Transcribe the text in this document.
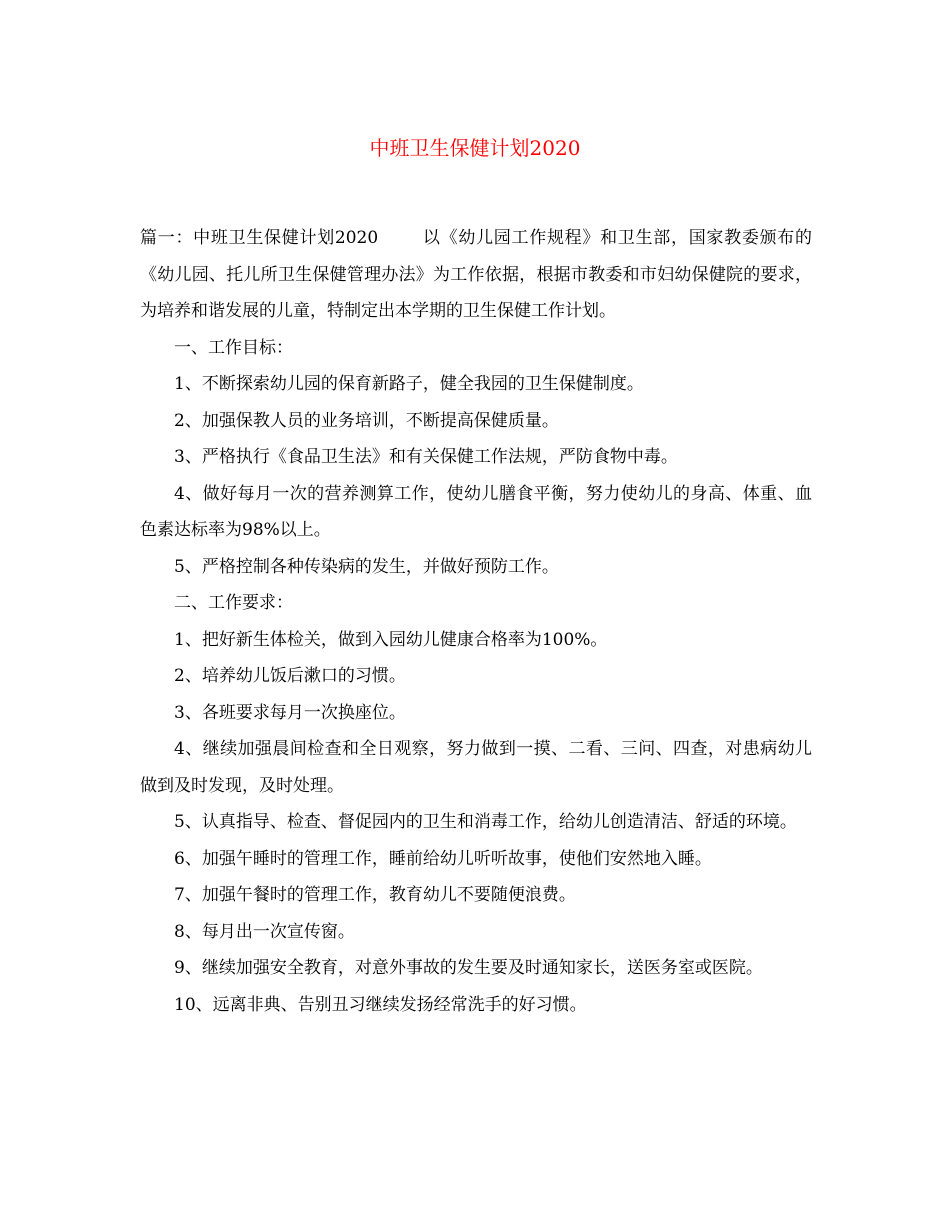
中班卫生保健计划2020

篇一：中班卫生保健计划2020	以《幼儿园工作规程》和卫生部，国家教委颁布的《幼儿园、托儿所卫生保健管理办法》为工作依据，根据市教委和市妇幼保健院的要求，为培养和谐发展的儿童，特制定出本学期的卫生保健工作计划。

一、工作目标：

1、不断探索幼儿园的保育新路子，健全我园的卫生保健制度。

2、加强保教人员的业务培训，不断提高保健质量。

3、严格执行《食品卫生法》和有关保健工作法规，严防食物中毒。

4、做好每月一次的营养测算工作，使幼儿膳食平衡，努力使幼儿的身高、体重、血色素达标率为98%以上。

5、严格控制各种传染病的发生，并做好预防工作。

二、工作要求：

1、把好新生体检关，做到入园幼儿健康合格率为100%。

2、培养幼儿饭后漱口的习惯。

3、各班要求每月一次换座位。

4、继续加强晨间检查和全日观察，努力做到一摸、二看、三问、四查，对患病幼儿做到及时发现，及时处理。

5、认真指导、检查、督促园内的卫生和消毒工作，给幼儿创造清洁、舒适的环境。

6、加强午睡时的管理工作，睡前给幼儿听听故事，使他们安然地入睡。

7、加强午餐时的管理工作，教育幼儿不要随便浪费。

8、每月出一次宣传窗。

9、继续加强安全教育，对意外事故的发生要及时通知家长，送医务室或医院。

10、远离非典、告别丑习继续发扬经常洗手的好习惯。
